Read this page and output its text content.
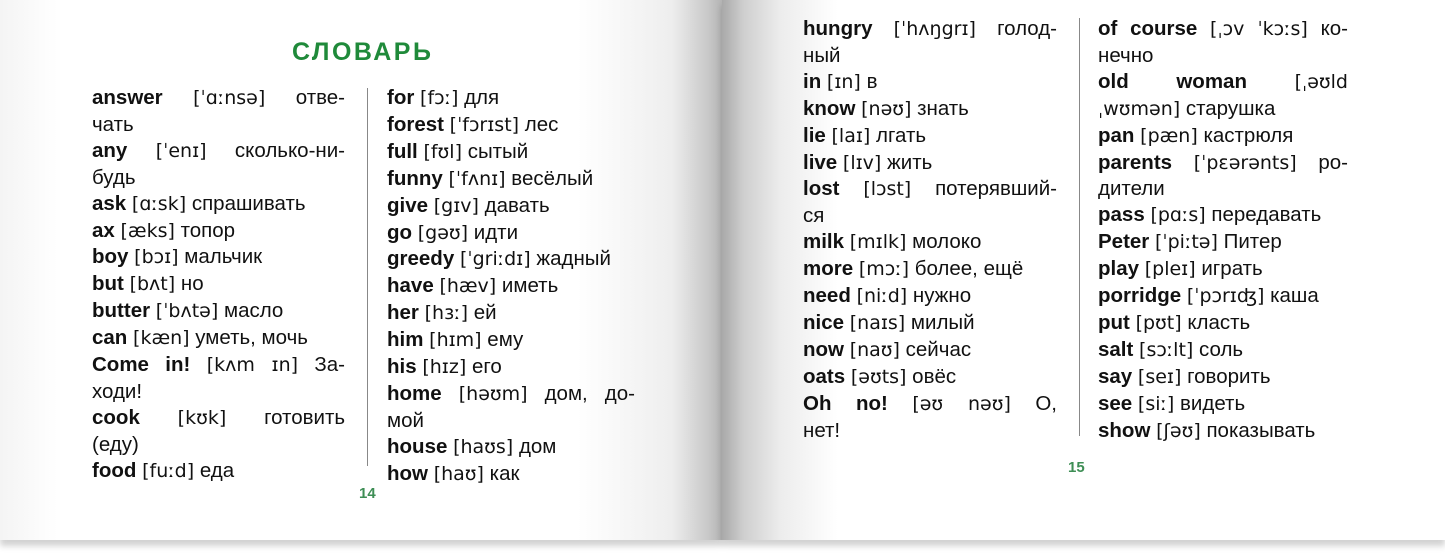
СЛОВАРЬ
answer [ˈɑːnsə] отве-
чать
any [ˈenɪ] сколько-ни-
будь
ask [ɑːsk] спрашивать
ax [æks] топор
boy [bɔɪ] мальчик
but [bʌt] но
butter [ˈbʌtə] масло
can [kæn] уметь, мочь
Come in! [kʌm ɪn] За-
ходи!
cook [kʊk] готовить
(еду)
food [fuːd] еда
for [fɔː] для
forest [ˈfɔrɪst] лес
full [fʊl] сытый
funny [ˈfʌnɪ] весёлый
give [gɪv] давать
go [gəʊ] идти
greedy [ˈgriːdɪ] жадный
have [hæv] иметь
her [hɜː] ей
him [hɪm] ему
his [hɪz] его
home [həʊm] дом, до-
мой
house [haʊs] дом
how [haʊ] как
14
hungry [ˈhʌŋgrɪ] голод-
ный
in [ɪn] в
know [nəʊ] знать
lie [laɪ] лгать
live [lɪv] жить
lost [lɔst] потерявший-
ся
milk [mɪlk] молоко
more [mɔː] более, ещё
need [niːd] нужно
nice [naɪs] милый
now [naʊ] сейчас
oats [əʊts] овёс
Oh no! [əʊ nəʊ] О,
нет!
of course [ˌɔv ˈkɔːs] ко-
нечно
old woman	[ˌəʊld
ˌwʊmən] старушка
pan [pæn] кастрюля
parents [ˈpɛərənts] ро-
дители
pass [pɑːs] передавать
Peter [ˈpiːtə] Питер
play [pleɪ] играть
porridge [ˈpɔrɪʤ] каша
put [pʊt] класть
salt [sɔːlt] соль
say [seɪ] говорить
see [siː] видеть
show [ʃəʊ] показывать
15
